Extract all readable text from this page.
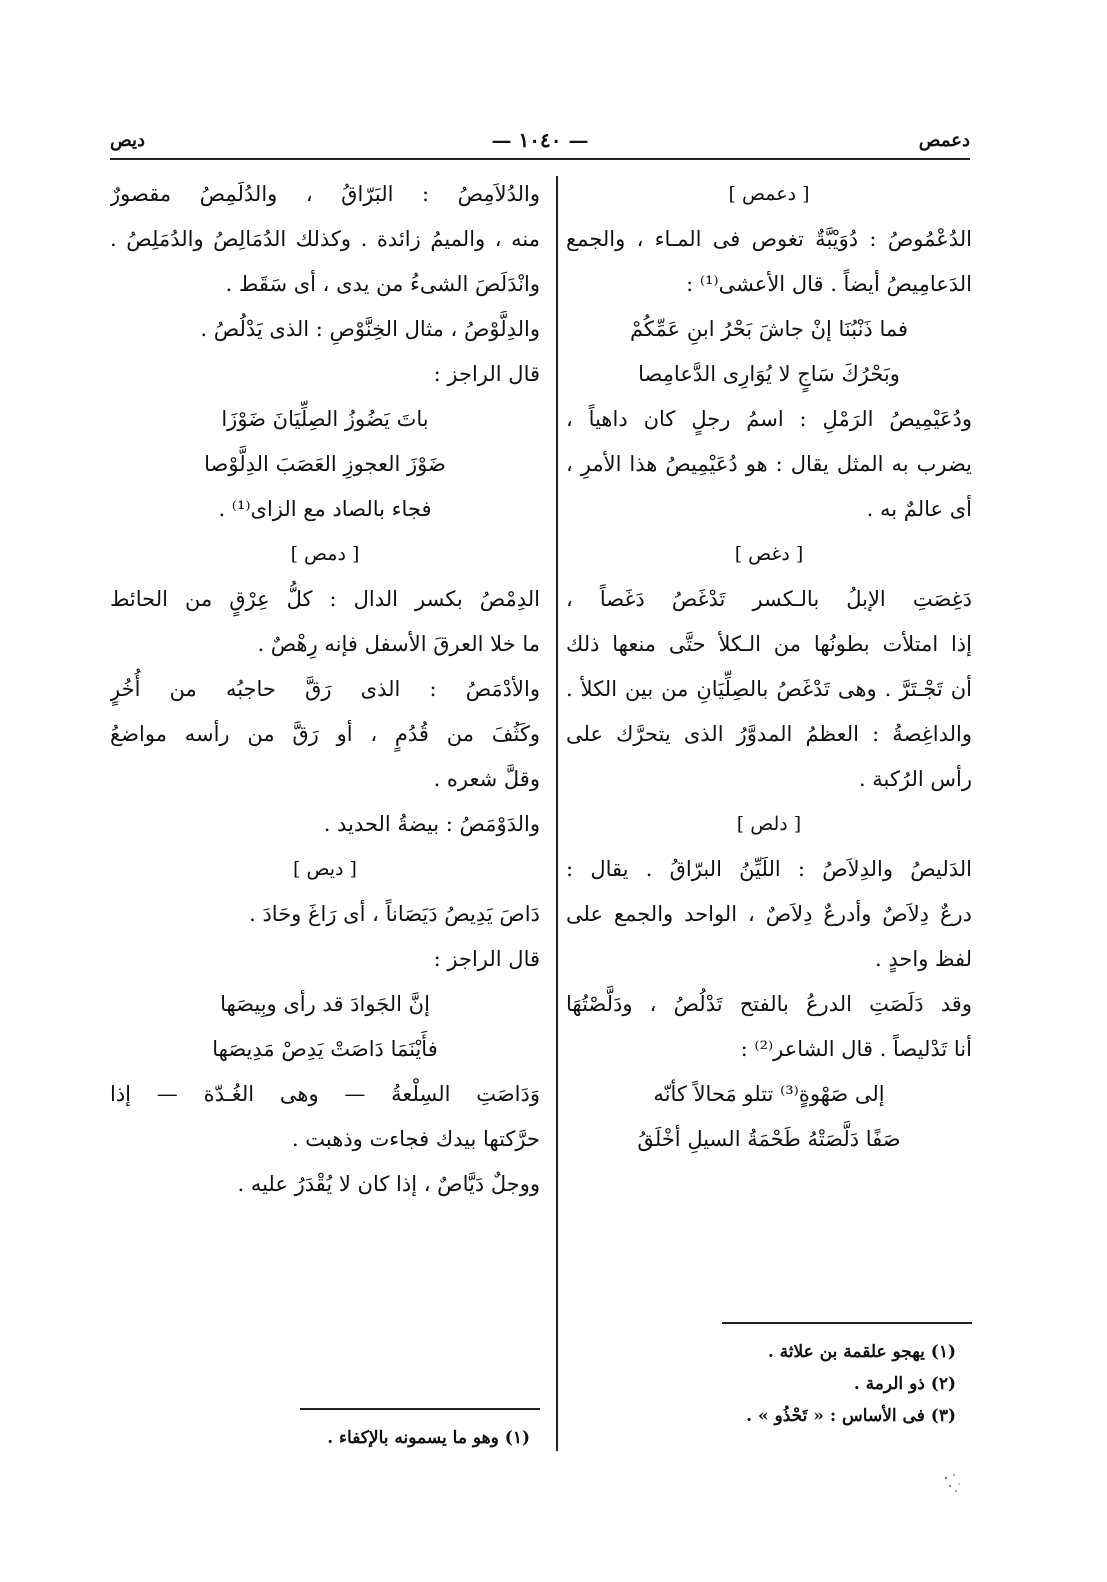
دعمص
— ١٠٤٠ —
ديص
[ دعمص ]
الدُعْمُوصُ : دُوَيْبَّةٌ تغوص فى المـاء ، والجمع
الدَعامِيصُ أيضاً . قال الأعشى⁽¹⁾ :
فما ذَنْبُنَا إنْ جاشَ بَحْرُ ابنِ عَمِّكُمْ
وبَحْرُكَ سَاجٍ لا يُوَارِى الدَّعامِصا
ودُعَيْمِيصُ الرَمْلِ : اسمُ رجلٍ كان داهياً ،
يضرب به المثل يقال : هو دُعَيْمِيصُ هذا الأمرِ ،
أى عالمٌ به .
[ دغص ]
دَغِصَتِ الإبلُ بالـكسر تَدْغَصُ دَغَصاً ،
إذا امتلأت بطونُها من الـكلأ حتَّى منعها ذلك
أن تَجْـتَرَّ . وهى تَدْغَصُ بالصِلِّيَانِ من بين الكلأ .
والداغِصةُ : العظمُ المدوَّرُ الذى يتحرَّك على
رأس الرُكبة .
[ دلص ]
الدَليصُ والدِلاَصُ : اللَيِّنُ البرّاقُ . يقال :
درعٌ دِلاَصٌ وأدرعٌ دِلاَصٌ ، الواحد والجمع على
لفظ واحدٍ .
وقد دَلَصَتِ الدرعُ بالفتح تَدْلُصُ ، ودَلَّصْتُهَا
أنا تَدْليصاً . قال الشاعر⁽²⁾ :
إلى صَهْوةٍ⁽³⁾ تتلو مَحالاً كأنّه
صَفًا دَلَّصَتْهُ طَحْمَةُ السيلِ أخْلَقُ
والدُلاَمِصُ : البَرّاقُ ، والدُلَمِصُ مقصورٌ
منه ، والميمُ زائدة . وكذلك الدُمَالِصُ والدُمَلِصُ .
وانْدَلَصَ الشىءُ من يدى ، أى سَقَط .
والدِلَّوْصُ ، مثال الخِنَّوْصِ : الذى يَدْلُصُ .
قال الراجز :
باتَ يَضُوزُ الصِلِّيَانَ ضَوْزَا
ضَوْزَ العجوزِ العَصَبَ الدِلَّوْصا
فجاء بالصاد مع الزاى⁽¹⁾ .
[ دمص ]
الدِمْصُ بكسر الدال : كلُّ عِرْقٍ من الحائط
ما خلا العرقَ الأسفل فإنه رِهْصٌ .
والأدْمَصُ : الذى رَقَّ حاجبُه من أُخُرٍ
وكَثُفَ من قُدُمٍ ، أو رَقَّ من رأسه مواضعُ
وقلَّ شعره .
والدَوْمَصُ : بيضةُ الحديد .
[ ديص ]
دَاصَ يَدِيصُ دَيَصَاناً ، أى رَاغَ وحَادَ .
قال الراجز :
إنَّ الجَوادَ قد رأى وبِيصَها
فأَيْنَمَا دَاصَتْ يَدِصْ مَدِيصَها
وَدَاصَتِ السِلْعةُ — وهى الغُـدّة — إذا
حرَّكتها بيدك فجاءت وذهبت .
ووجلٌ دَيَّاصٌ ، إذا كان لا يُقْدَرُ عليه .
(١) يهجو علقمة بن علاثة .
(٢) ذو الرمة .
(٣) فى الأساس : « تَحْذُو » .
(١) وهو ما يسمونه بالإكفاء .
